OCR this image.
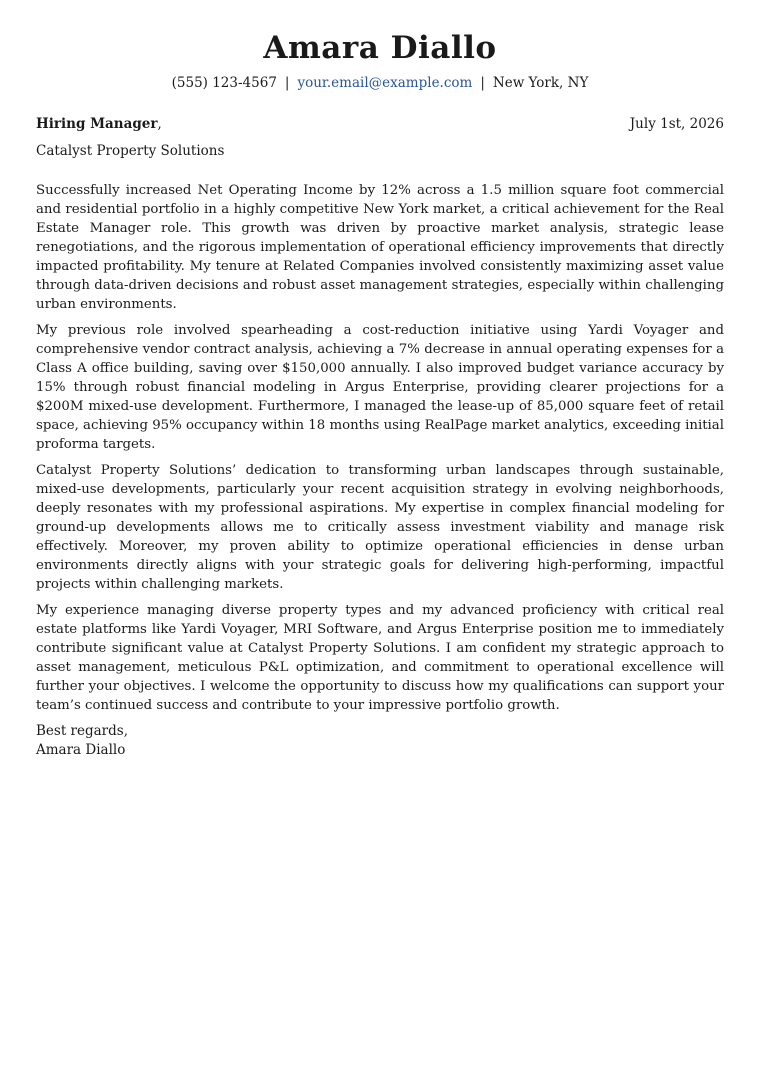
Amara Diallo
(555) 123-4567 | your.email@example.com | New York, NY
Hiring Manager,	July 1st, 2026
Catalyst Property Solutions

Successfully increased Net Operating Income by 12% across a 1.5 million square foot commercial and residential portfolio in a highly competitive New York market, a critical achievement for the Real Estate Manager role. This growth was driven by proactive market analysis, strategic lease renegotiations, and the rigorous implementation of operational efficiency improvements that directly impacted profitability. My tenure at Related Companies involved consistently maximizing asset value through data-driven decisions and robust asset management strategies, especially within challenging urban environments.

My previous role involved spearheading a cost-reduction initiative using Yardi Voyager and comprehensive vendor contract analysis, achieving a 7% decrease in annual operating expenses for a Class A office building, saving over $150,000 annually. I also improved budget variance accuracy by 15% through robust financial modeling in Argus Enterprise, providing clearer projections for a $200M mixed-use development. Furthermore, I managed the lease-up of 85,000 square feet of retail space, achieving 95% occupancy within 18 months using RealPage market analytics, exceeding initial proforma targets.

Catalyst Property Solutions’ dedication to transforming urban landscapes through sustainable, mixed-use developments, particularly your recent acquisition strategy in evolving neighborhoods, deeply resonates with my professional aspirations. My expertise in complex financial modeling for ground-up developments allows me to critically assess investment viability and manage risk effectively. Moreover, my proven ability to optimize operational efficiencies in dense urban environments directly aligns with your strategic goals for delivering high-performing, impactful projects within challenging markets.

My experience managing diverse property types and my advanced proficiency with critical real estate platforms like Yardi Voyager, MRI Software, and Argus Enterprise position me to immediately contribute significant value at Catalyst Property Solutions. I am confident my strategic approach to asset management, meticulous P&L optimization, and commitment to operational excellence will further your objectives. I welcome the opportunity to discuss how my qualifications can support your team’s continued success and contribute to your impressive portfolio growth.

Best regards,
Amara Diallo
